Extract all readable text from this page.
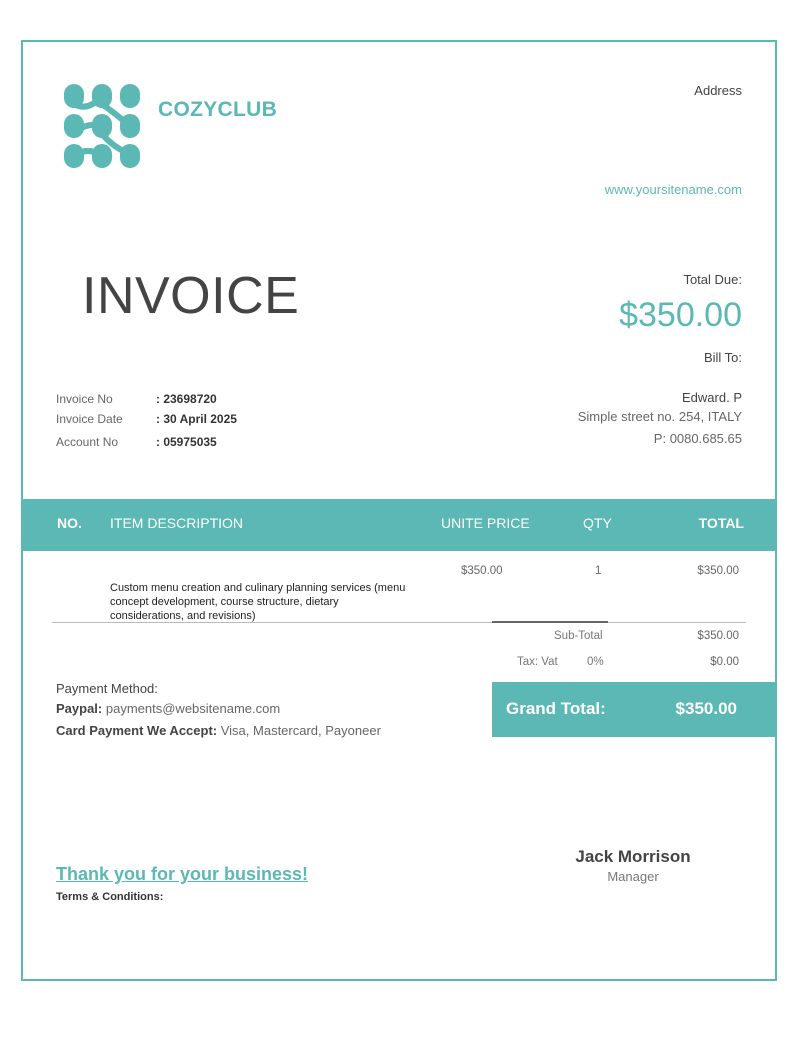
COZYCLUB
Address
www.yoursitename.com
INVOICE	Total Due:
$350.00
Bill To:
Edward. P
Simple street no. 254, ITALY
P: 0080.685.65
Invoice No	: 23698720
Invoice Date	: 30 April 2025
Account No	: 05975035
NO. ITEM DESCRIPTION	UNITE PRICE	QTY	TOTAL
Custom menu creation and culinary planning services (menu concept development, course structure, dietary considerations, and revisions)
$350.00	1	$350.00
Sub-Total	$350.00
Tax: Vat	0%	$0.00
Grand Total:	$350.00
Payment Method:
Paypal: payments@websitename.com
Card Payment We Accept: Visa, Mastercard, Payoneer
Thank you for your business!
Terms & Conditions:
Jack Morrison
Manager
